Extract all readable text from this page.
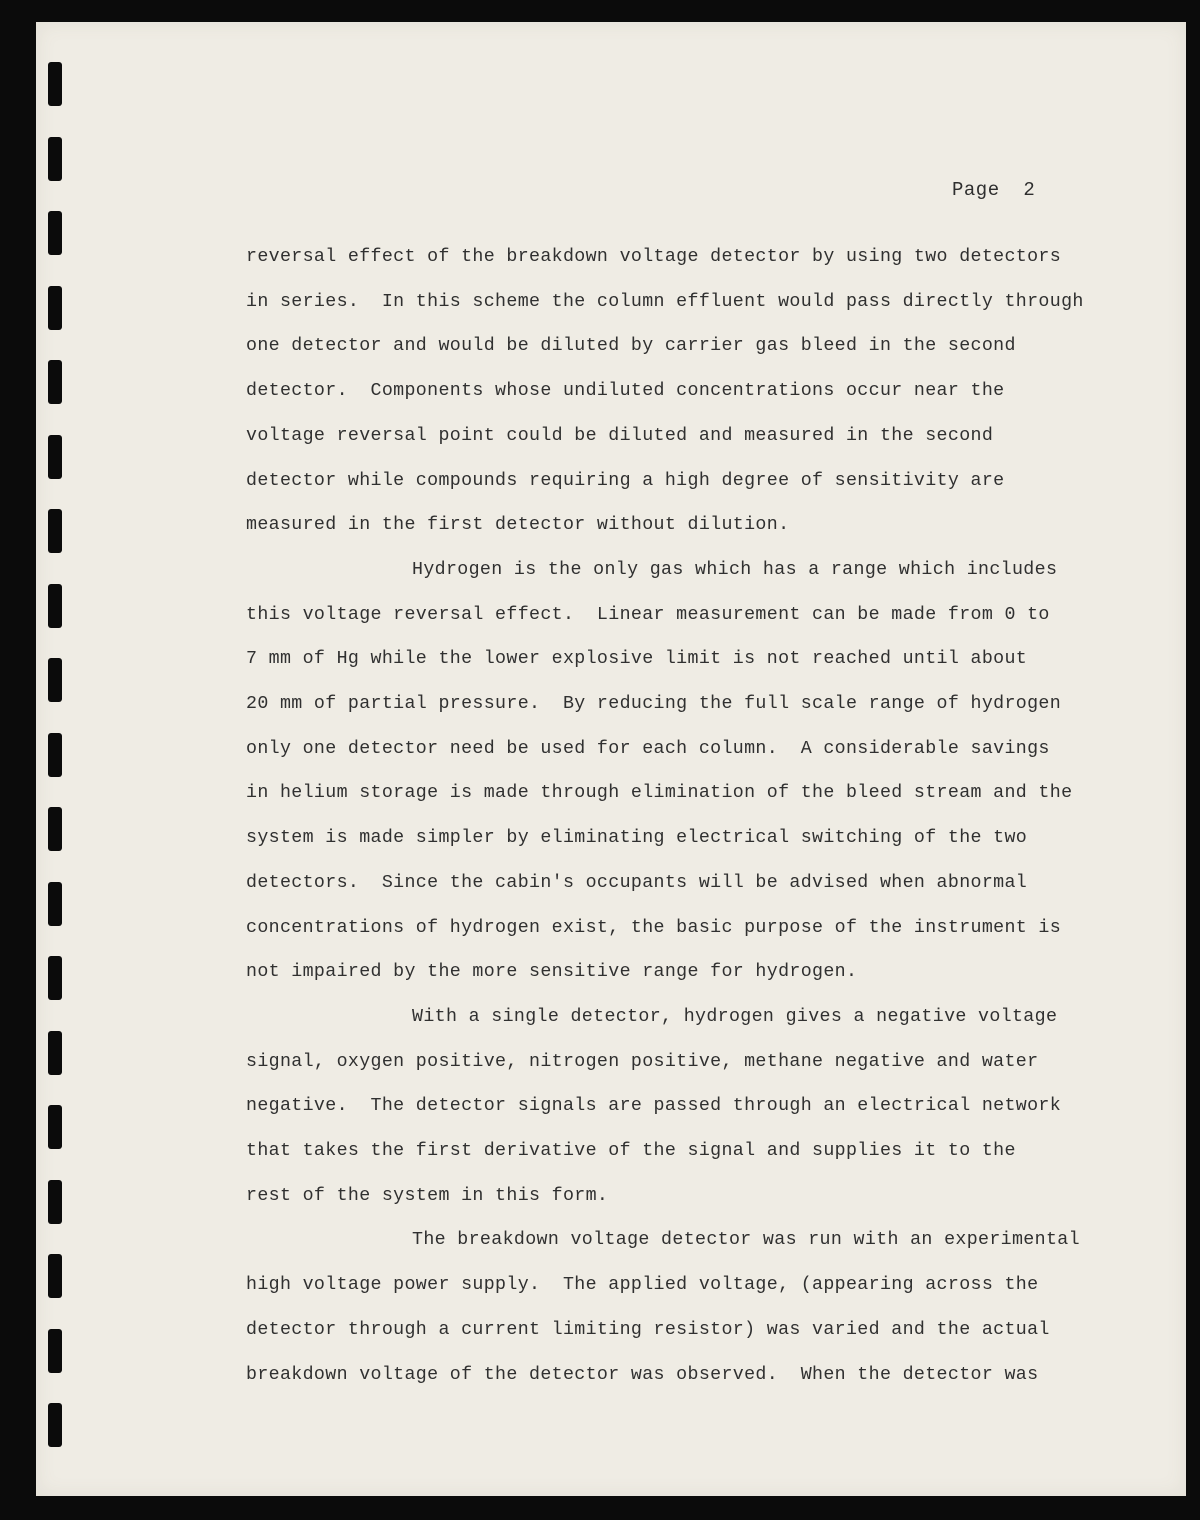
Page  2
reversal effect of the breakdown voltage detector by using two detectors
in series.  In this scheme the column effluent would pass directly through
one detector and would be diluted by carrier gas bleed in the second
detector.  Components whose undiluted concentrations occur near the
voltage reversal point could be diluted and measured in the second
detector while compounds requiring a high degree of sensitivity are
measured in the first detector without dilution.
Hydrogen is the only gas which has a range which includes
this voltage reversal effect.  Linear measurement can be made from 0 to
7 mm of Hg while the lower explosive limit is not reached until about
20 mm of partial pressure.  By reducing the full scale range of hydrogen
only one detector need be used for each column.  A considerable savings
in helium storage is made through elimination of the bleed stream and the
system is made simpler by eliminating electrical switching of the two
detectors.  Since the cabin's occupants will be advised when abnormal
concentrations of hydrogen exist, the basic purpose of the instrument is
not impaired by the more sensitive range for hydrogen.
With a single detector, hydrogen gives a negative voltage
signal, oxygen positive, nitrogen positive, methane negative and water
negative.  The detector signals are passed through an electrical network
that takes the first derivative of the signal and supplies it to the
rest of the system in this form.
The breakdown voltage detector was run with an experimental
high voltage power supply.  The applied voltage, (appearing across the
detector through a current limiting resistor) was varied and the actual
breakdown voltage of the detector was observed.  When the detector was
